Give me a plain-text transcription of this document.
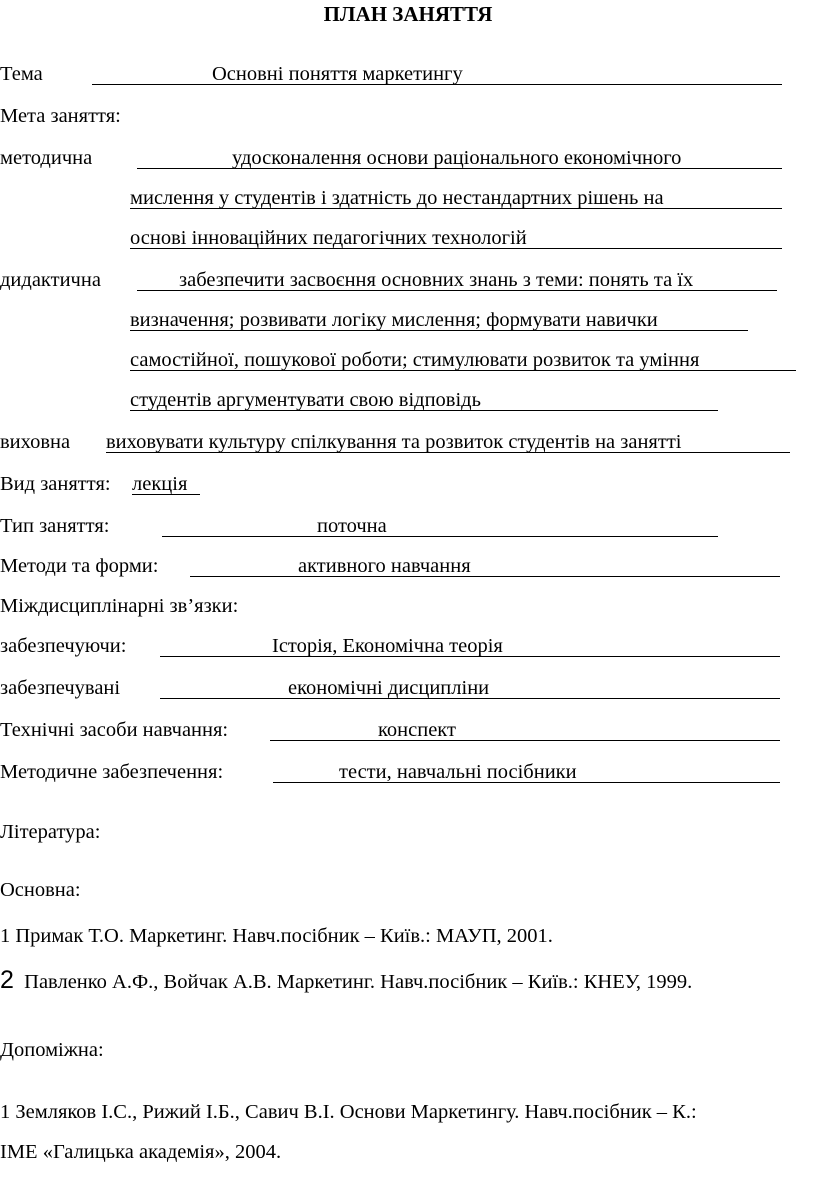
ПЛАН ЗАНЯТТЯ
Тема	Основні поняття маркетингу
Мета заняття:
методична	удосконалення основи раціонального економічного
мислення у студентів і здатність до нестандартних рішень на
основі інноваційних педагогічних технологій
дидактична	забезпечити засвоєння основних знань з теми: понять та їх
визначення; розвивати логіку мислення; формувати навички
самостійної, пошукової роботи; стимулювати розвиток та уміння
студентів аргументувати свою відповідь
виховна виховувати культуру спілкування та розвиток студентів на занятті
Вид заняття: лекція
Тип заняття:	поточна
Методи та форми:	активного навчання
Міждисциплінарні зв’язки:
забезпечуючи:	Історія, Економічна теорія
забезпечувані	економічні дисципліни
Технічні засоби навчання:	конспект
Методичне забезпечення:	тести, навчальні посібники
Література:
Основна:
1 Примак Т.О. Маркетинг. Навч.посібник – Київ.: МАУП, 2001.
2 Павленко А.Ф., Войчак А.В. Маркетинг. Навч.посібник – Київ.: КНЕУ, 1999.
Допоміжна:
1 Земляков І.С., Рижий І.Б., Савич В.І. Основи Маркетингу. Навч.посібник – К.:
ІМЕ «Галицька академія», 2004.
